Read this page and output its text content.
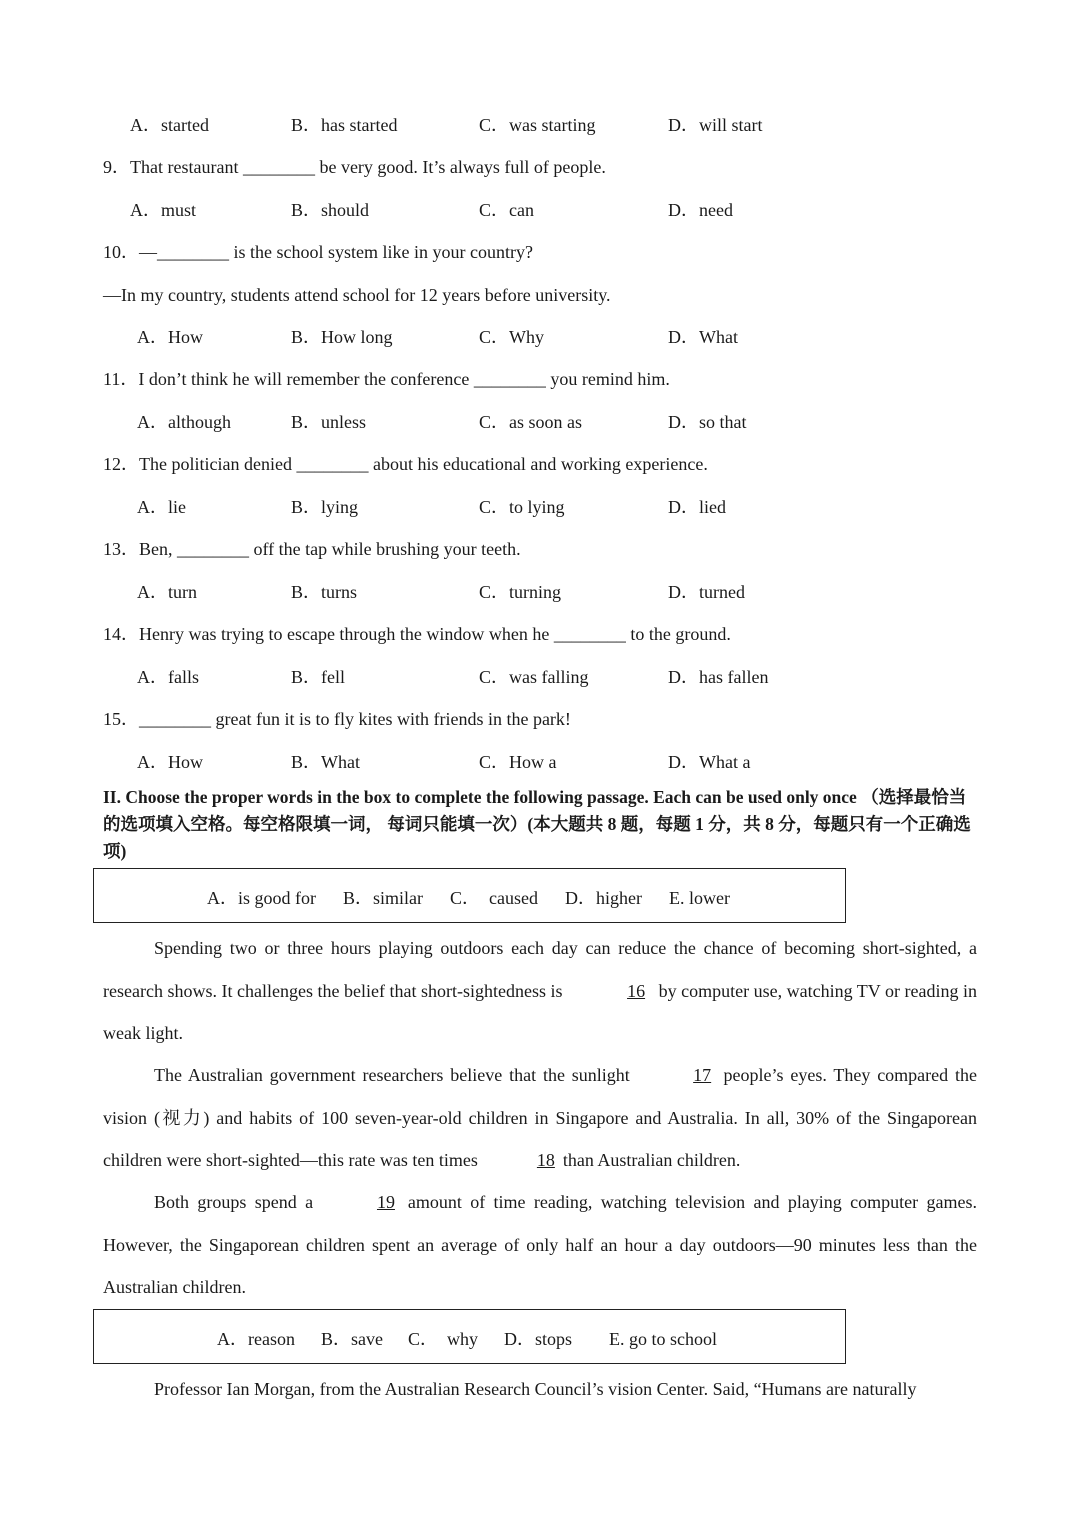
A．started	B．has started	C．was starting	D．will start
9．That restaurant ________ be very good. It’s always full of people.
A．must	B．should	C．can	D．need
10．—________ is the school system like in your country?
—In my country, students attend school for 12 years before university.
A．How	B．How long	C．Why	D．What
11．I don’t think he will remember the conference ________ you remind him.
A．although	B．unless	C．as soon as	D．so that
12．The politician denied ________ about his educational and working experience.
A．lie	B．lying	C．to lying	D．lied
13．Ben, ________ off the tap while brushing your teeth.
A．turn	B．turns	C．turning	D．turned
14．Henry was trying to escape through the window when he ________ to the ground.
A．falls	B．fell	C．was falling	D．has fallen
15．________ great fun it is to fly kites with friends in the park!
A．How	B．What	C．How a	D．What a
II. Choose the proper words in the box to complete the following passage. Each can be used only once （选择最恰当的选项填入空格。每空格限填一词， 每词只能填一次）(本大题共 8 题，每题 1 分，共 8 分，每题只有一个正确选项)
A．is good for B．similar C．  caused D．higher E. lower
Spending two or three hours playing outdoors each day can reduce the chance of becoming short-sighted, a research shows. It challenges the belief that short-sightedness is	16 by computer use, watching TV or reading in weak light.
The Australian government researchers believe that the sunlight	17 people’s eyes. They compared the vision (视力) and habits of 100 seven-year-old children in Singapore and Australia. In all, 30% of the Singaporean children were short-sighted—this rate was ten times	18 than Australian children.
Both groups spend a	19 amount of time reading, watching television and playing computer games. However, the Singaporean children spent an average of only half an hour a day outdoors—90 minutes less than the Australian children.
A．reason B．save C．  why D．stops E. go to school
Professor Ian Morgan, from the Australian Research Council’s vision Center. Said, “Humans are naturally
